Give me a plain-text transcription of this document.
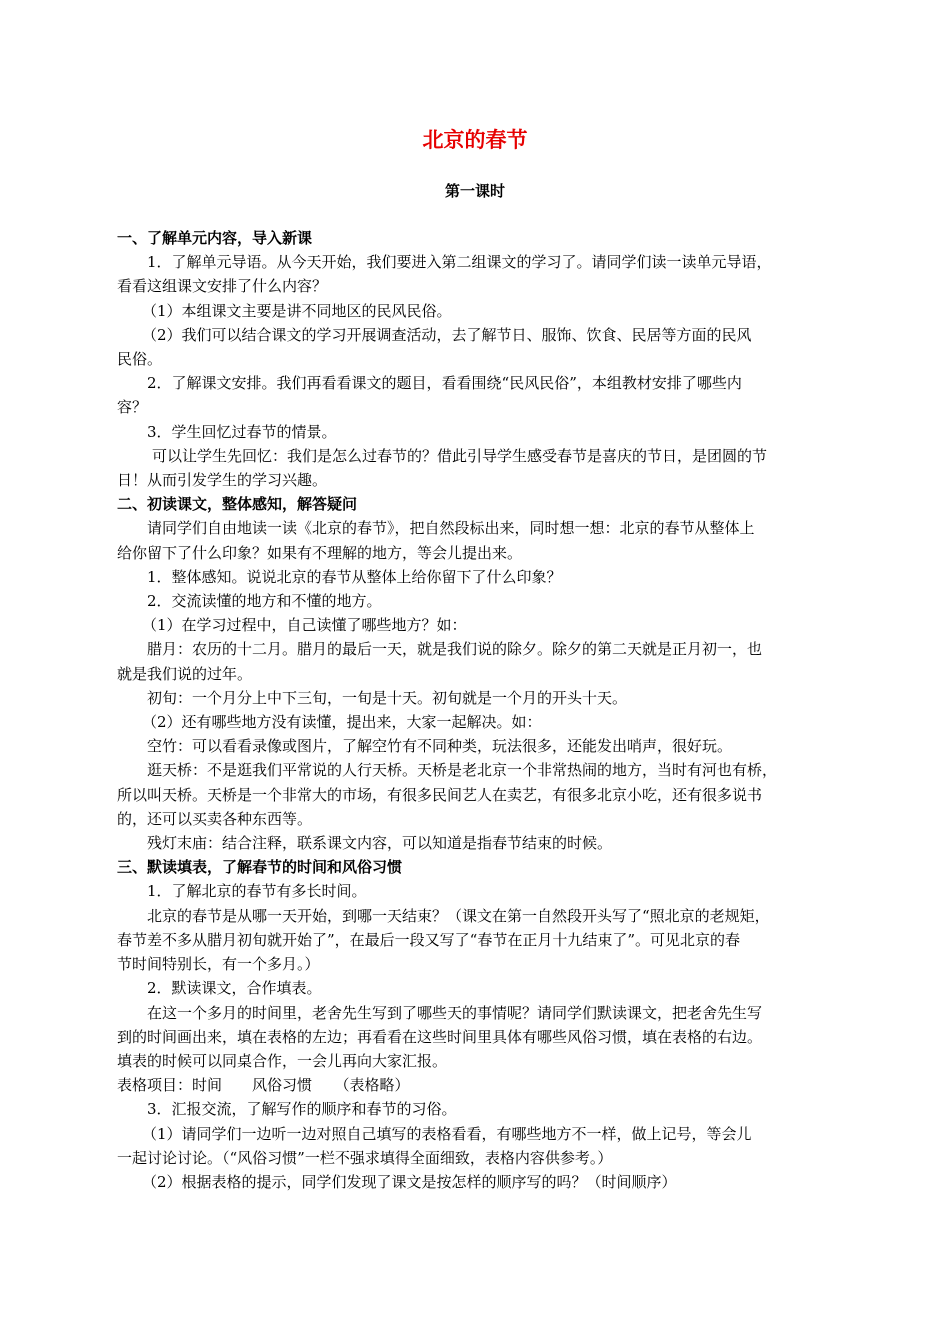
北京的春节
第一课时
一、了解单元内容，导入新课
1．了解单元导语。从今天开始，我们要进入第二组课文的学习了。请同学们读一读单元导语，
看看这组课文安排了什么内容？
（1）本组课文主要是讲不同地区的民风民俗。
（2）我们可以结合课文的学习开展调查活动，去了解节日、服饰、饮食、民居等方面的民风
民俗。
2．了解课文安排。我们再看看课文的题目，看看围绕“民风民俗”，本组教材安排了哪些内
容？
3．学生回忆过春节的情景。
可以让学生先回忆：我们是怎么过春节的？借此引导学生感受春节是喜庆的节日，是团圆的节
日！从而引发学生的学习兴趣。
二、初读课文，整体感知，解答疑问
请同学们自由地读一读《北京的春节》，把自然段标出来，同时想一想：北京的春节从整体上
给你留下了什么印象？如果有不理解的地方，等会儿提出来。
1．整体感知。说说北京的春节从整体上给你留下了什么印象？
2．交流读懂的地方和不懂的地方。
（1）在学习过程中，自己读懂了哪些地方？如：
腊月：农历的十二月。腊月的最后一天，就是我们说的除夕。除夕的第二天就是正月初一，也
就是我们说的过年。
初旬：一个月分上中下三旬，一旬是十天。初旬就是一个月的开头十天。
（2）还有哪些地方没有读懂，提出来，大家一起解决。如：
空竹：可以看看录像或图片，了解空竹有不同种类，玩法很多，还能发出哨声，很好玩。
逛天桥：不是逛我们平常说的人行天桥。天桥是老北京一个非常热闹的地方，当时有河也有桥，
所以叫天桥。天桥是一个非常大的市场，有很多民间艺人在卖艺，有很多北京小吃，还有很多说书
的，还可以买卖各种东西等。
残灯末庙：结合注释，联系课文内容，可以知道是指春节结束的时候。
三、默读填表，了解春节的时间和风俗习惯
1．了解北京的春节有多长时间。
北京的春节是从哪一天开始，到哪一天结束？（课文在第一自然段开头写了“照北京的老规矩，
春节差不多从腊月初旬就开始了”，在最后一段又写了“春节在正月十九结束了”。可见北京的春
节时间特别长，有一个多月。）
2．默读课文，合作填表。
在这一个多月的时间里，老舍先生写到了哪些天的事情呢？请同学们默读课文，把老舍先生写
到的时间画出来，填在表格的左边；再看看在这些时间里具体有哪些风俗习惯，填在表格的右边。
填表的时候可以同桌合作，一会儿再向大家汇报。
表格项目：时间　　风俗习惯　　（表格略）
3．汇报交流，了解写作的顺序和春节的习俗。
（1）请同学们一边听一边对照自己填写的表格看看，有哪些地方不一样，做上记号，等会儿
一起讨论讨论。（“风俗习惯”一栏不强求填得全面细致，表格内容供参考。）
（2）根据表格的提示，同学们发现了课文是按怎样的顺序写的吗？（时间顺序）
